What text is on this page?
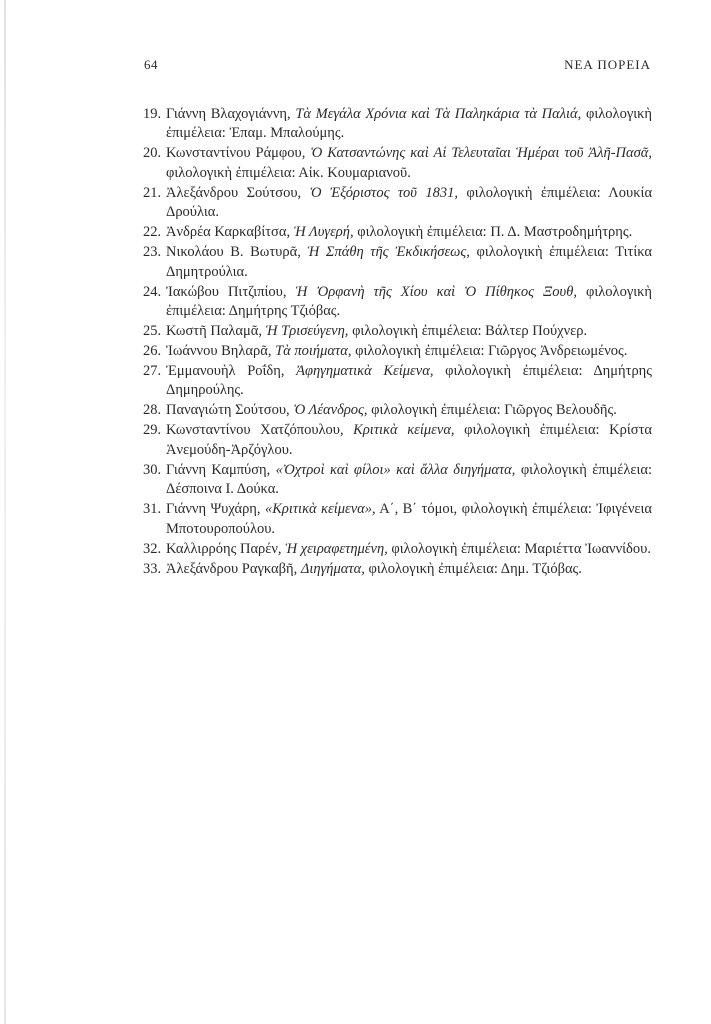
64	ΝΕΑ ΠΟΡΕΙΑ
19. Γιάννη Βλαχογιάννη, Τὰ Μεγάλα Χρόνια καὶ Τὰ Παληκάρια τὰ Παλιά, φιλολογικὴ ἐπιμέλεια: Ἐπαμ. Μπαλούμης.
20. Κωνσταντίνου Ράμφου, Ὁ Κατσαντώνης καὶ Αἱ Τελευταῖαι Ἡμέραι τοῦ Ἀλῆ-Πασᾶ, φιλολογικὴ ἐπιμέλεια: Αἰκ. Κουμαριανοῦ.
21. Ἀλεξάνδρου Σούτσου, Ὁ Ἐξόριστος τοῦ 1831, φιλολογικὴ ἐπιμέλεια: Λουκία Δρούλια.
22. Ἀνδρέα Καρκαβίτσα, Ἡ Λυγερή, φιλολογικὴ ἐπιμέλεια: Π. Δ. Μαστροδημήτρης.
23. Νικολάου Β. Βωτυρᾶ, Ἡ Σπάθη τῆς Ἐκδικήσεως, φιλολογικὴ ἐπιμέλεια: Τιτίκα Δημητρούλια.
24. Ἰακώβου Πιτζιπίου, Ἡ Ὀρφανὴ τῆς Χίου καὶ Ὁ Πίθηκος Ξουθ, φιλολογικὴ ἐπιμέλεια: Δημήτρης Τζιόβας.
25. Κωστῆ Παλαμᾶ, Ἡ Τρισεύγενη, φιλολογικὴ ἐπιμέλεια: Βάλτερ Πούχνερ.
26. Ἰωάννου Βηλαρᾶ, Τὰ ποιήματα, φιλολογικὴ ἐπιμέλεια: Γιῶργος Ἀνδρειωμένος.
27. Ἐμμανουὴλ Ροΐδη, Ἀφηγηματικὰ Κείμενα, φιλολογικὴ ἐπιμέλεια: Δημήτρης Δημηρούλης.
28. Παναγιώτη Σούτσου, Ὁ Λέανδρος, φιλολογικὴ ἐπιμέλεια: Γιῶργος Βελουδῆς.
29. Κωνσταντίνου Χατζόπουλου, Κριτικὰ κείμενα, φιλολογικὴ ἐπιμέλεια: Κρίστα Ἀνεμούδη-Ἀρζόγλου.
30. Γιάννη Καμπύση, «Ὀχτροὶ καὶ φίλοι» καὶ ἄλλα διηγήματα, φιλολογικὴ ἐπιμέλεια: Δέσποινα Ι. Δούκα.
31. Γιάννη Ψυχάρη, «Κριτικὰ κείμενα», Α΄, Β΄ τόμοι, φιλολογικὴ ἐπιμέλεια: Ἰφιγένεια Μποτουροπούλου.
32. Καλλιρρόης Παρέν, Ἡ χειραφετημένη, φιλολογικὴ ἐπιμέλεια: Μαριέττα Ἰωαννίδου.
33. Ἀλεξάνδρου Ραγκαβῆ, Διηγήματα, φιλολογικὴ ἐπιμέλεια: Δημ. Τζιόβας.
